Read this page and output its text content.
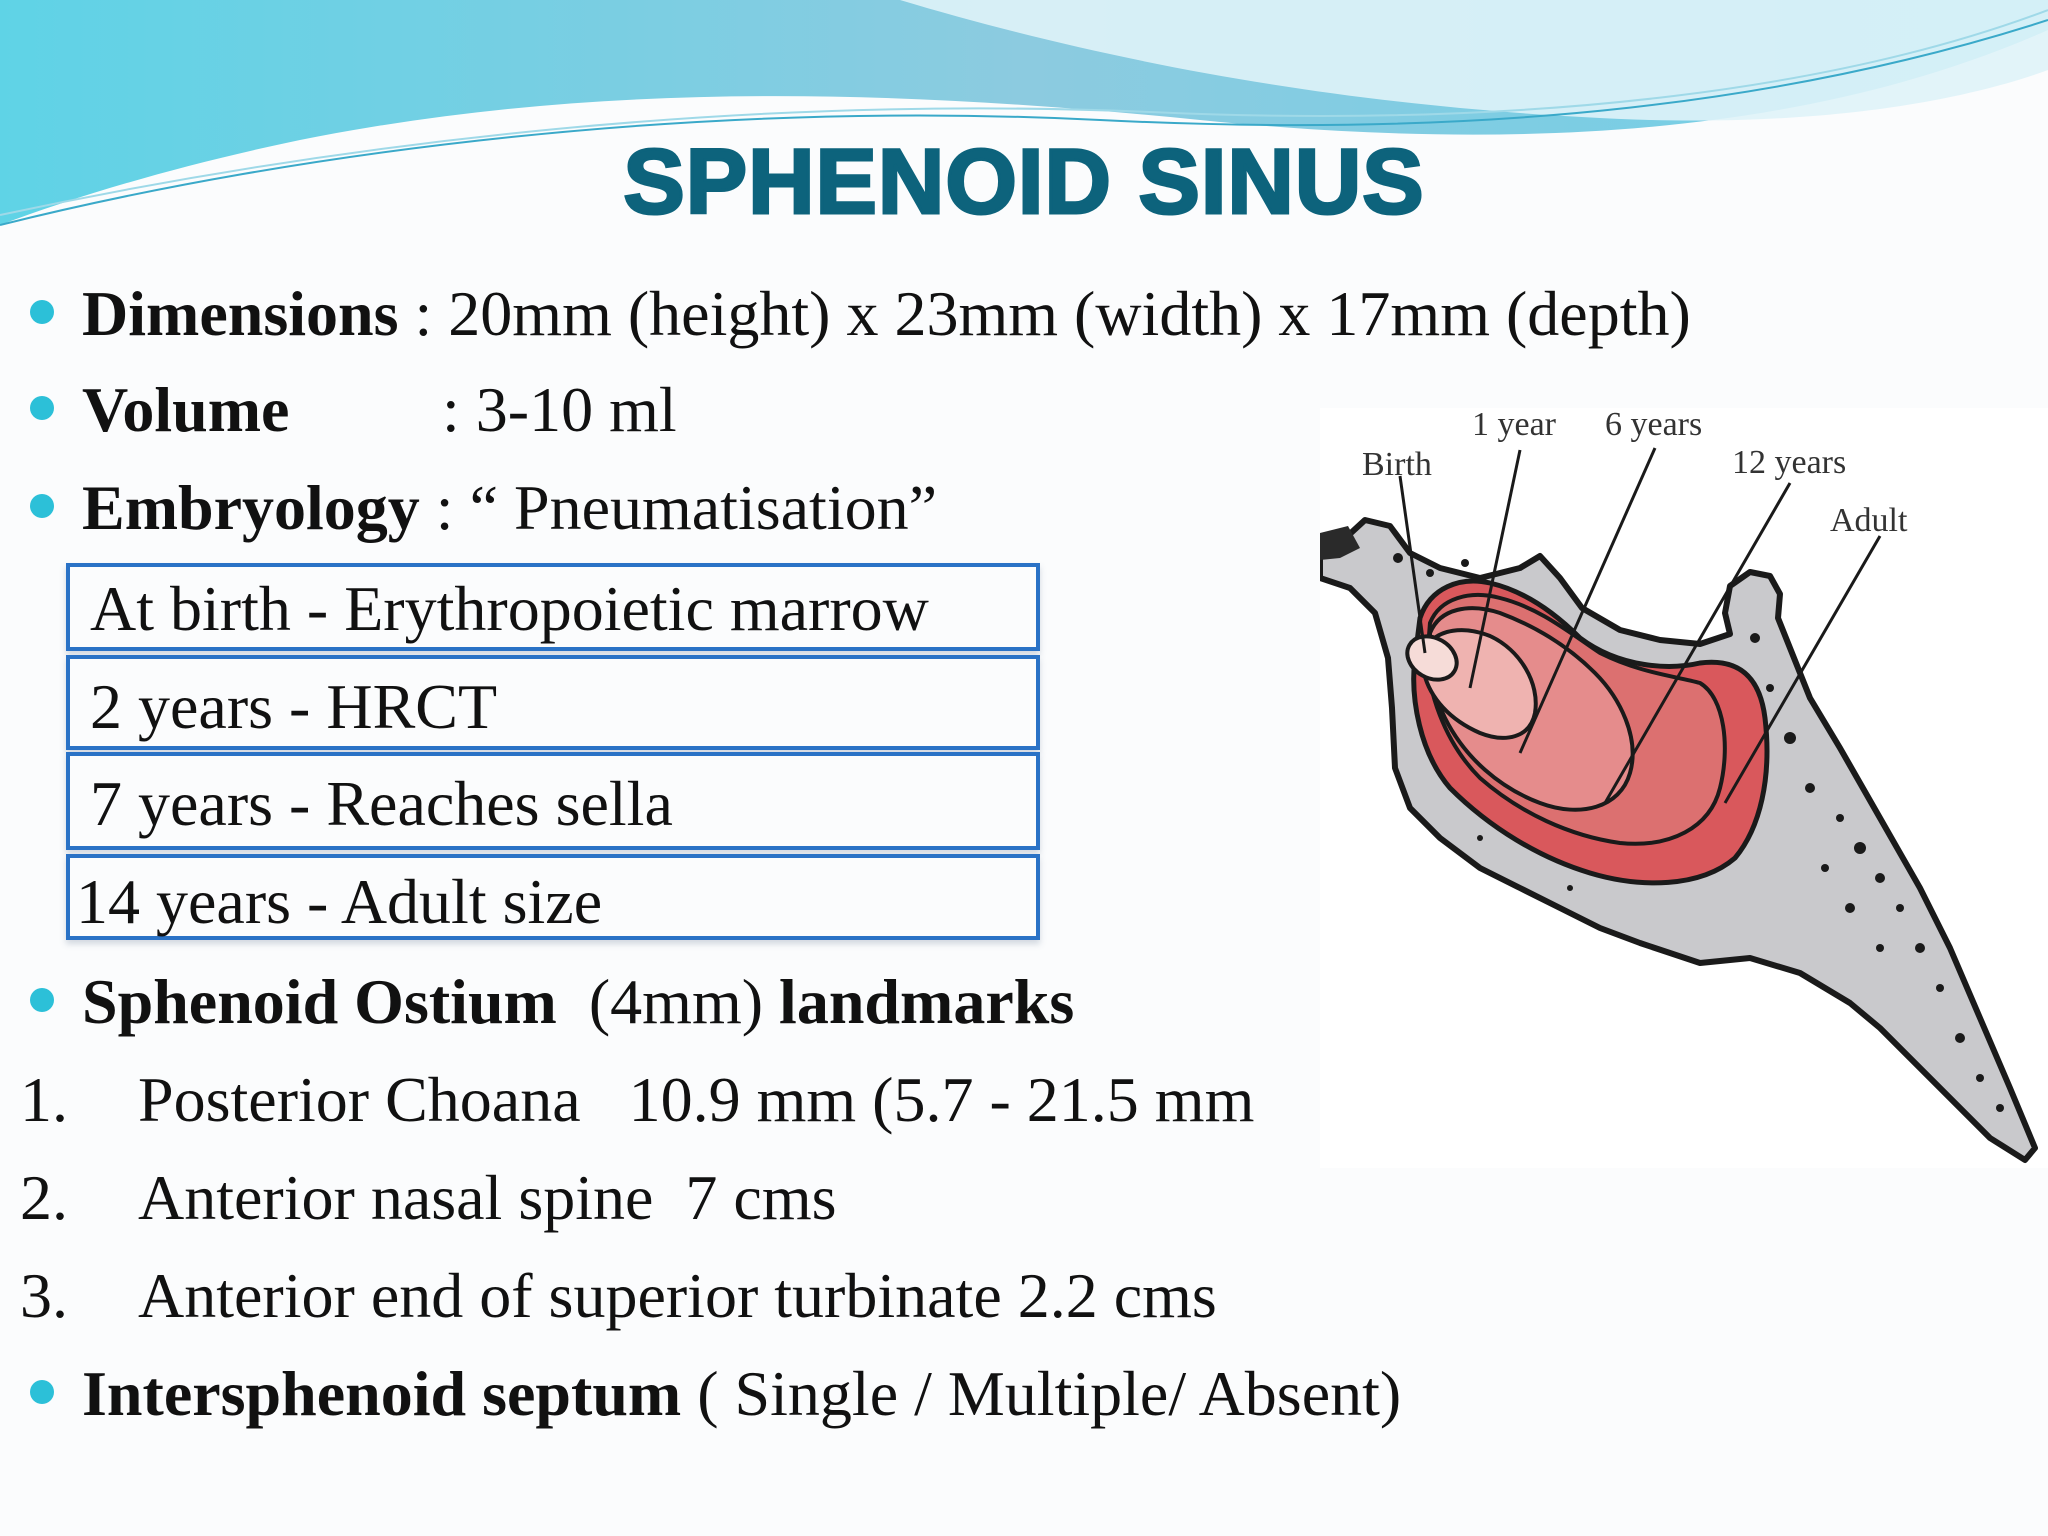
SPHENOID SINUS
Dimensions : 20mm (height) x 23mm (width) x 17mm (depth)
Volume : 3-10 ml
Embryology : “ Pneumatisation”
At birth - Erythropoietic marrow
2 years - HRCT
7 years - Reaches sella
14 years - Adult size
Sphenoid Ostium  (4mm) landmarks
1. Posterior Choana   10.9 mm (5.7 - 21.5 mm
2. Anterior nasal spine  7 cms
3. Anterior end of superior turbinate 2.2 cms
Intersphenoid septum ( Single / Multiple/ Absent)
Birth
1 year 6 years
12 years
Adult
